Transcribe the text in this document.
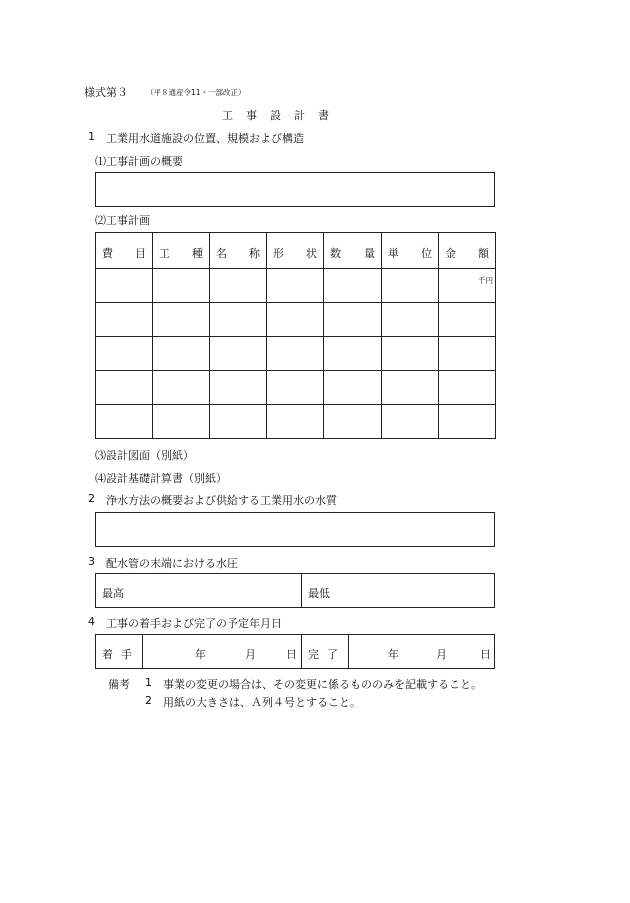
様式第３ （平８通産令11・一部改正）
工事設計書
1 工業用水道施設の位置、規模および構造
⑴工事計画の概要
⑵工事計画
費 目	工 種	名 称	形 状	数 量	単 位	金 額

						千円

⑶設計図面（別紙）
⑷設計基礎計算書（別紙）
2 浄水方法の概要および供給する工業用水の水質
3 配水管の末端における水圧
最高	最低
4 工事の着手および完了の予定年月日
着手	年	月	日 完了	年	月	日
備考 1 事業の変更の場合は、その変更に係るもののみを記載すること。
2 用紙の大きさは、Ａ列４号とすること。
